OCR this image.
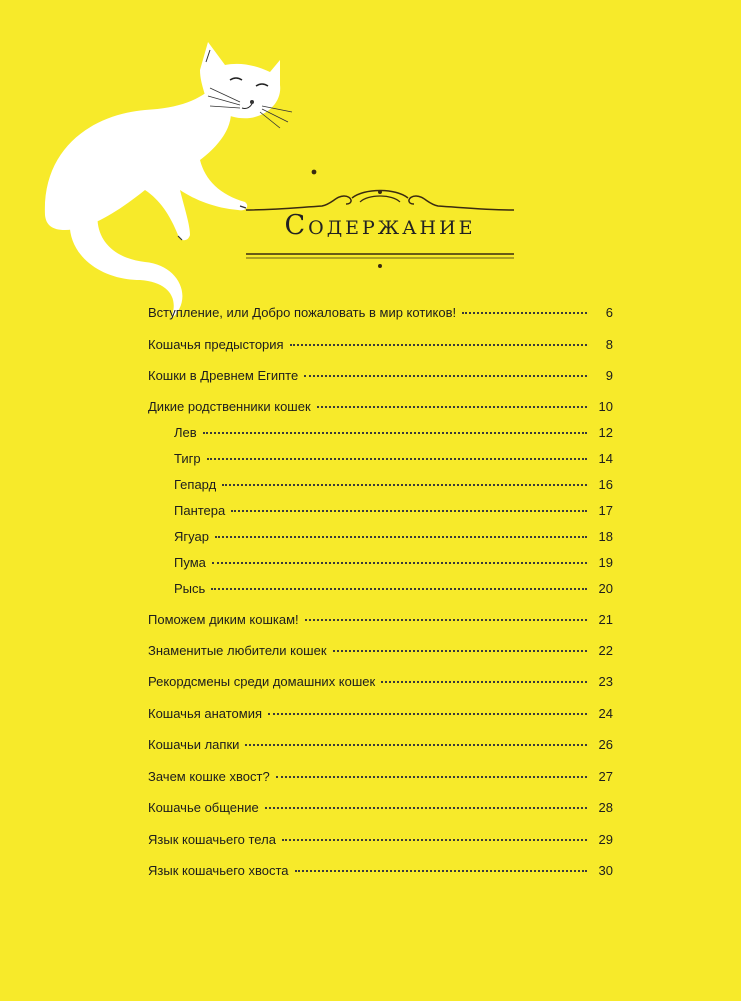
Содержание
Вступление, или Добро пожаловать в мир котиков!	6
Кошачья предыстория	8
Кошки в Древнем Египте	9
Дикие родственники кошек	10
Лев	12
Тигр	14
Гепард	16
Пантера	17
Ягуар	18
Пума	19
Рысь	20
Поможем диким кошкам!	21
Знаменитые любители кошек	22
Рекордсмены среди домашних кошек	23
Кошачья анатомия	24
Кошачьи лапки	26
Зачем кошке хвост?	27
Кошачье общение	28
Язык кошачьего тела	29
Язык кошачьего хвоста	30
